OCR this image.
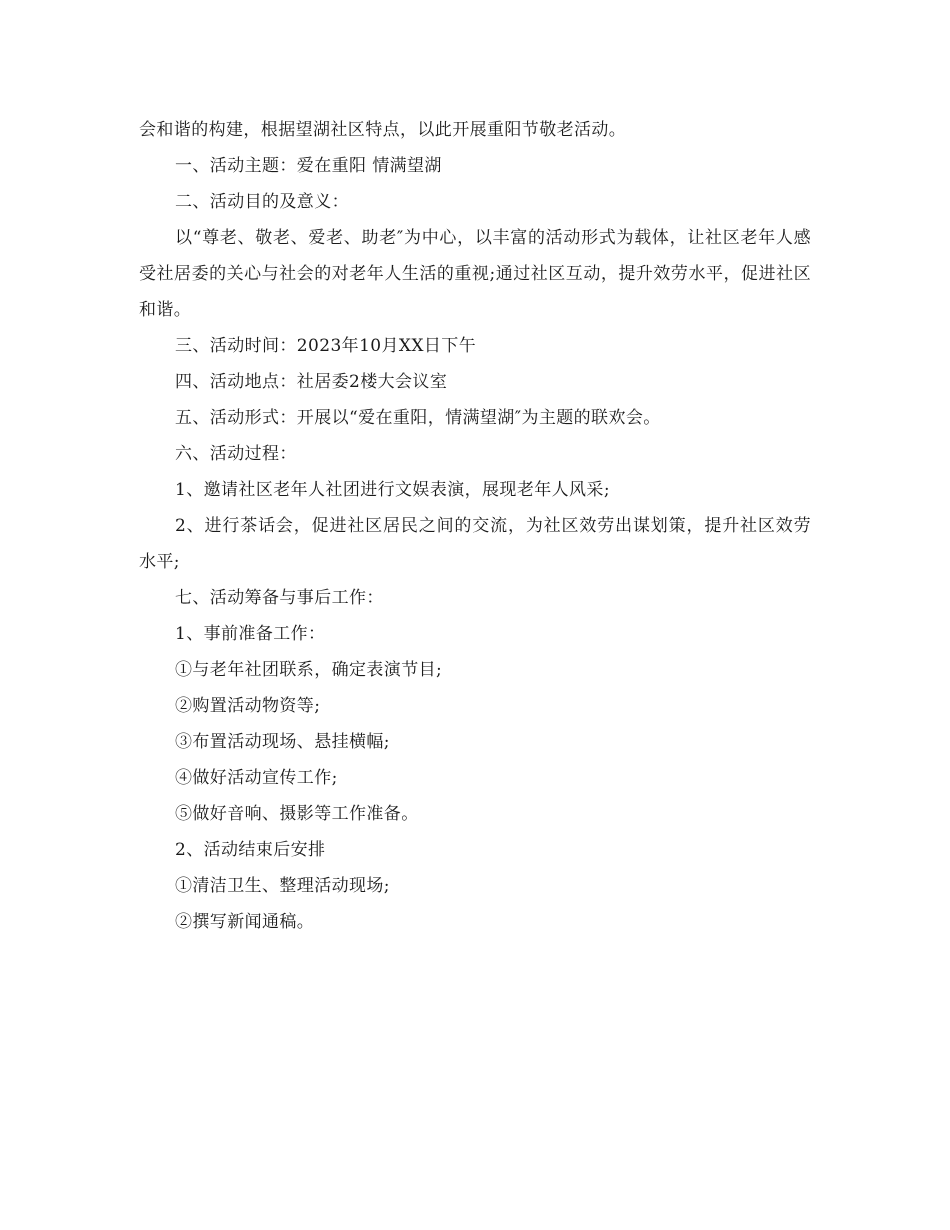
会和谐的构建，根据望湖社区特点，以此开展重阳节敬老活动。

一、活动主题：爱在重阳 情满望湖

二、活动目的及意义：

以“尊老、敬老、爱老、助老″为中心，以丰富的活动形式为载体，让社区老年人感受社居委的关心与社会的对老年人生活的重视;通过社区互动，提升效劳水平，促进社区和谐。

三、活动时间：2023年10月XX日下午

四、活动地点：社居委2楼大会议室

五、活动形式：开展以“爱在重阳，情满望湖″为主题的联欢会。

六、活动过程：

1、邀请社区老年人社团进行文娱表演，展现老年人风采;

2、进行茶话会，促进社区居民之间的交流，为社区效劳出谋划策，提升社区效劳水平;

七、活动筹备与事后工作：

1、事前准备工作：

①与老年社团联系，确定表演节目;

②购置活动物资等;

③布置活动现场、悬挂横幅;

④做好活动宣传工作;

⑤做好音响、摄影等工作准备。

2、活动结束后安排

①清洁卫生、整理活动现场;

②撰写新闻通稿。
